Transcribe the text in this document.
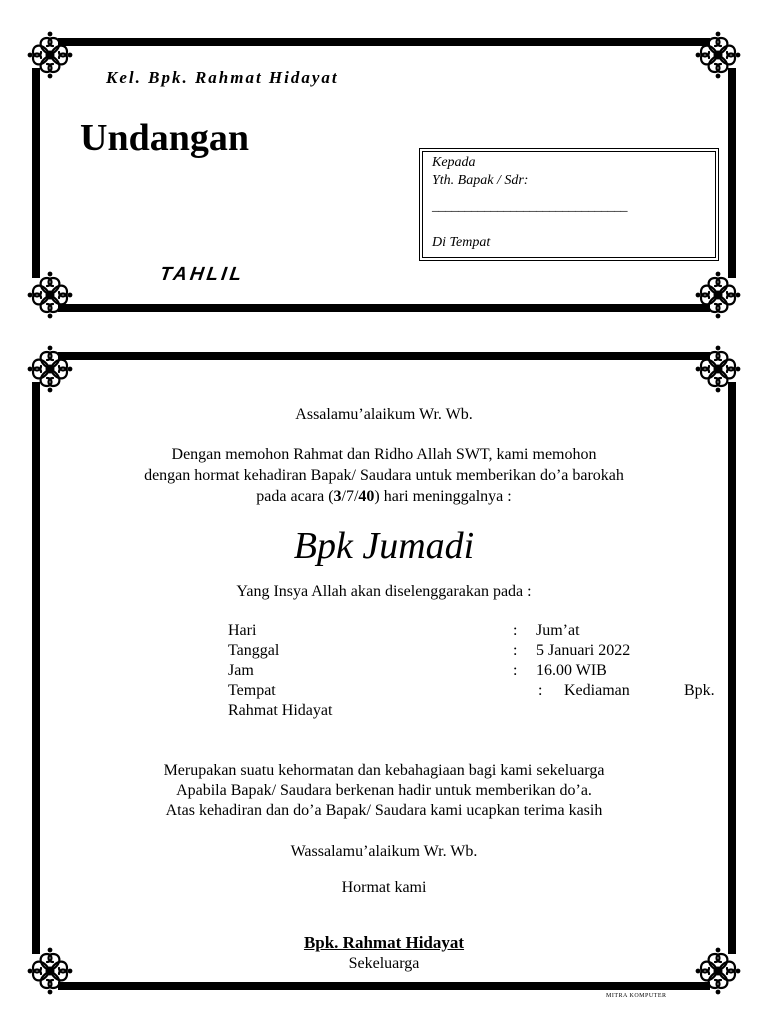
Kel. Bpk. Rahmat Hidayat
Undangan
TAHLIL
Kepada
Yth. Bapak / Sdr:
______________________________
Di Tempat
Assalamu’alaikum Wr. Wb.
Dengan memohon Rahmat dan Ridho Allah SWT, kami memohon
dengan hormat kehadiran Bapak/ Saudara untuk memberikan do’a barokah
pada acara (3/7/40) hari meninggalnya :
Bpk Jumadi
Yang Insya Allah akan diselenggarakan pada :
Hari	: Jum’at
Tanggal	: 5 Januari 2022
Jam	: 16.00 WIB
Tempat	: Kediaman	Bpk.
Rahmat Hidayat
Merupakan suatu kehormatan dan kebahagiaan bagi kami sekeluarga
Apabila Bapak/ Saudara berkenan hadir untuk memberikan do’a.
Atas kehadiran dan do’a Bapak/ Saudara kami ucapkan terima kasih
Wassalamu’alaikum Wr. Wb.
Hormat kami
Bpk. Rahmat Hidayat
Sekeluarga
MITRA KOMPUTER
